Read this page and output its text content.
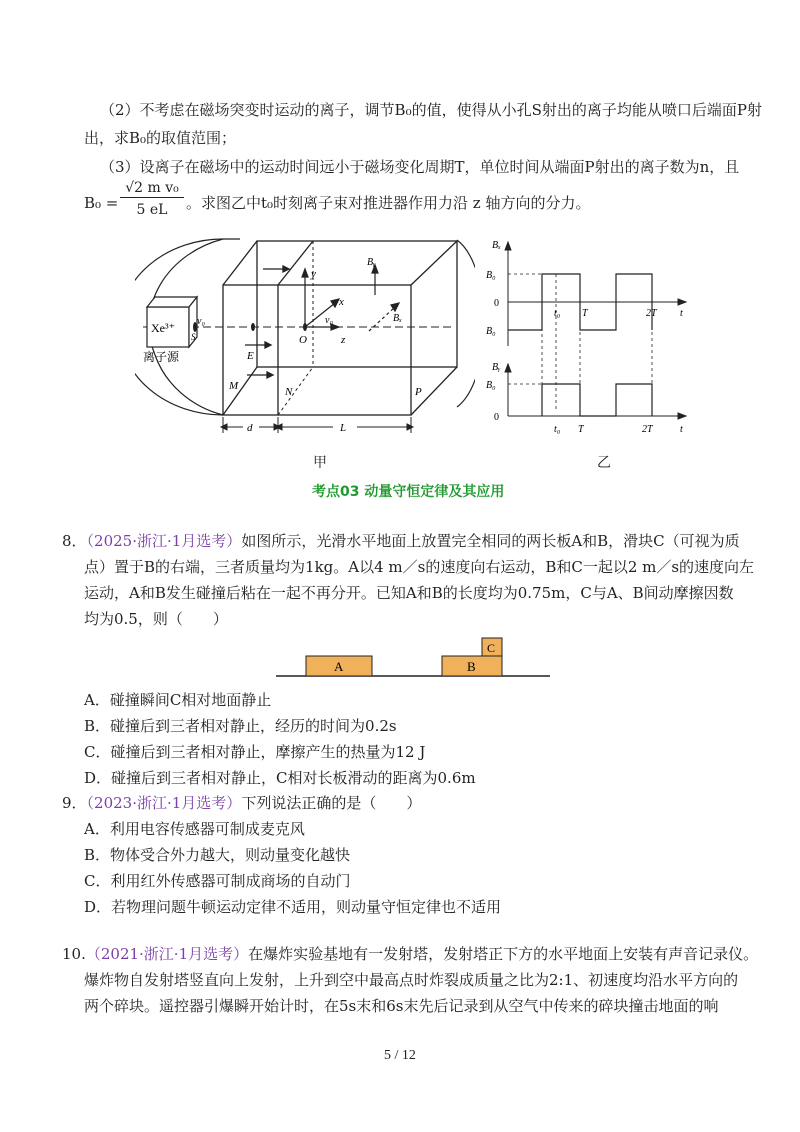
（2）不考虑在磁场突变时运动的离子，调节B₀的值，使得从小孔S射出的离子均能从喷口后端面P射
出，求B₀的取值范围；
（3）设离子在磁场中的运动时间远小于磁场变化周期T，单位时间从端面P射出的离子数为n，且
B₀ =
√2 m v₀
5 eL	。求图乙中t₀时刻离子束对推进器作用力沿 z 轴方向的分力。
Xe³⁺
S
v₀
离子源
y
x
v₀
z
Bᵧ
Bₓ
O
E
M	N	P
d	L
甲
Bₓ
B₀
0
B₀
t₀ T	2T t
Bᵧ
B₀
0
t₀ T	2T	t
乙
考点03 动量守恒定律及其应用
8．（2025·浙江·1月选考）如图所示，光滑水平地面上放置完全相同的两长板A和B，滑块C（可视为质
点）置于B的右端，三者质量均为1kg。A以4 m／s的速度向右运动，B和C一起以2 m／s的速度向左
运动，A和B发生碰撞后粘在一起不再分开。已知A和B的长度均为0.75m，C与A、B间动摩擦因数
均为0.5，则（　　）
A	B
C
A．碰撞瞬间C相对地面静止
B．碰撞后到三者相对静止，经历的时间为0.2s
C．碰撞后到三者相对静止，摩擦产生的热量为12 J
D．碰撞后到三者相对静止，C相对长板滑动的距离为0.6m
9．（2023·浙江·1月选考）下列说法正确的是（　　）
A．利用电容传感器可制成麦克风
B．物体受合外力越大，则动量变化越快
C．利用红外传感器可制成商场的自动门
D．若物理问题牛顿运动定律不适用，则动量守恒定律也不适用
10.（2021·浙江·1月选考）在爆炸实验基地有一发射塔，发射塔正下方的水平地面上安装有声音记录仪。
爆炸物自发射塔竖直向上发射，上升到空中最高点时炸裂成质量之比为2:1、初速度均沿水平方向的
两个碎块。遥控器引爆瞬开始计时，在5s末和6s末先后记录到从空气中传来的碎块撞击地面的响
5 / 12
